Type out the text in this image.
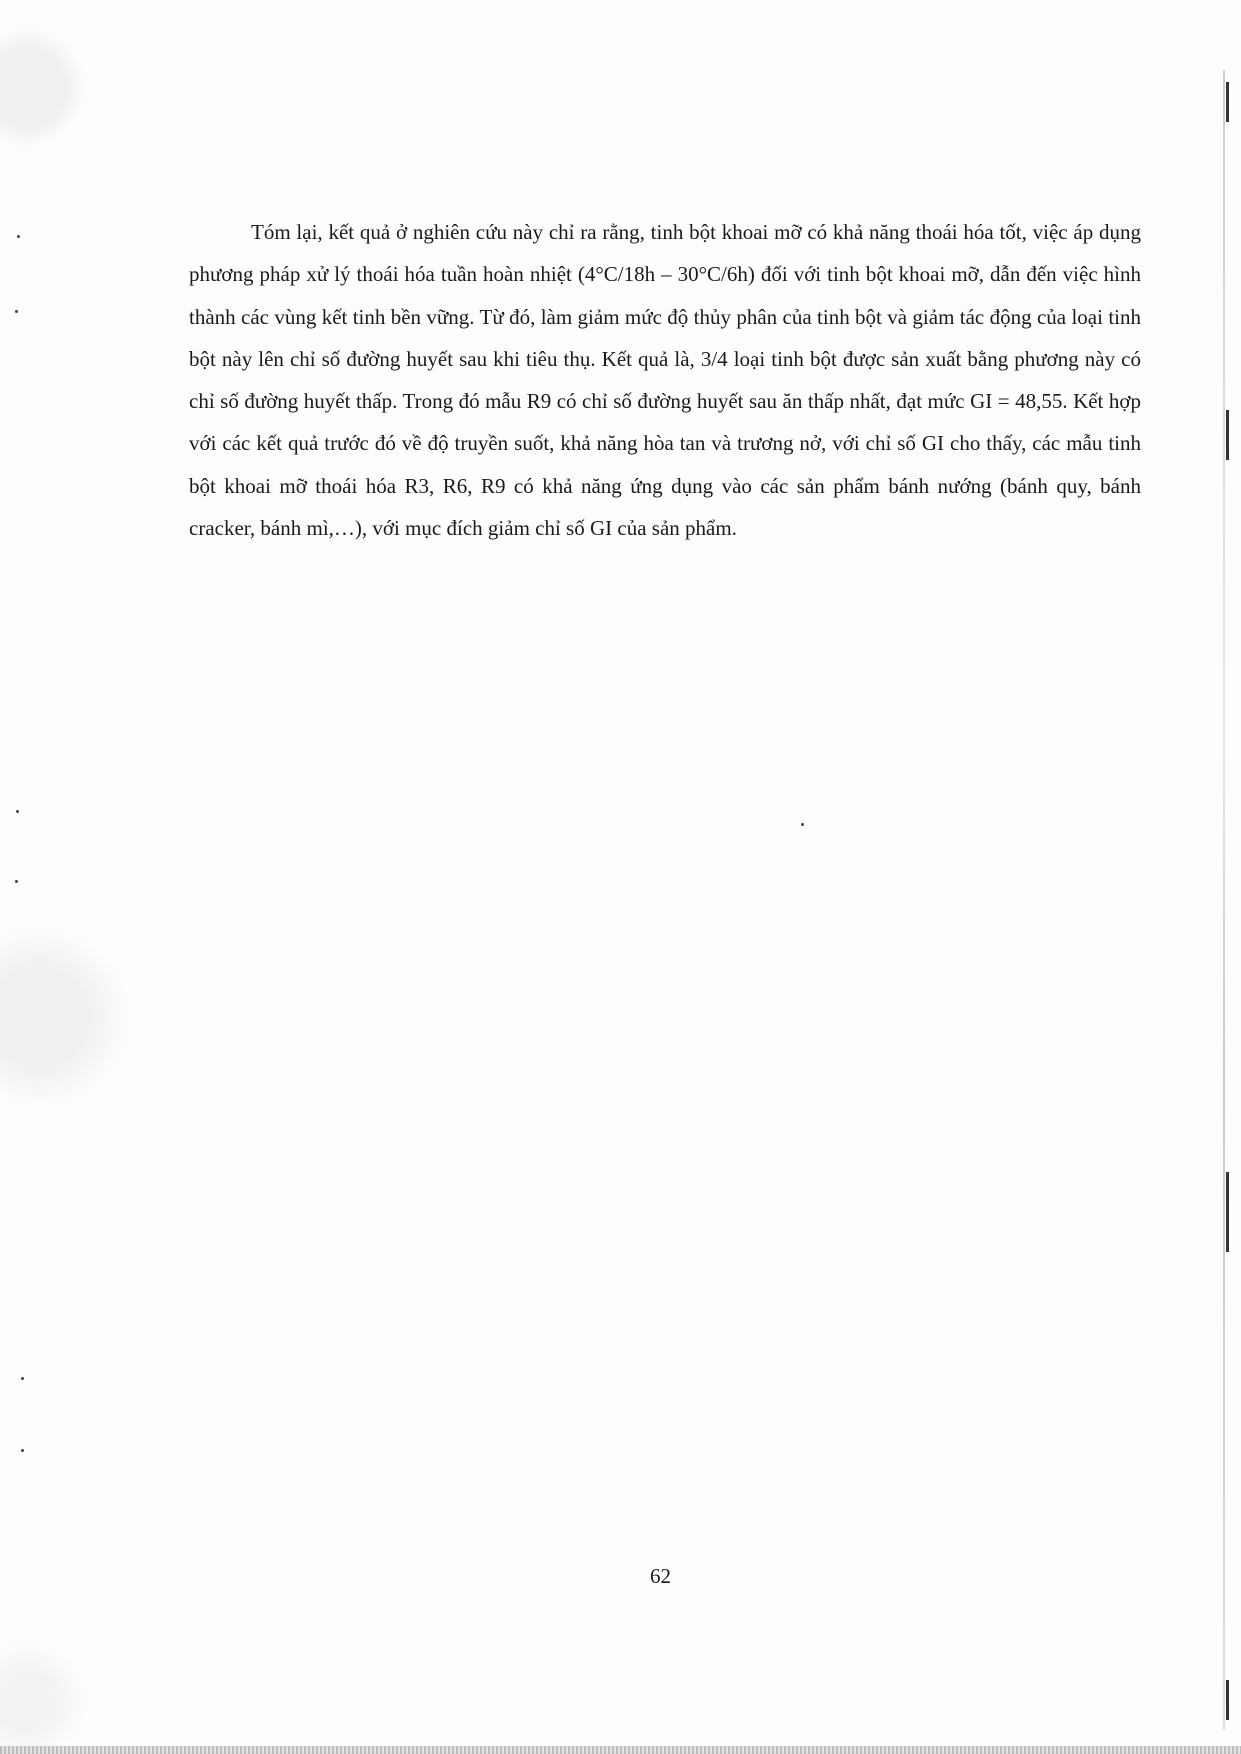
Tóm lại, kết quả ở nghiên cứu này chỉ ra rằng, tinh bột khoai mỡ có khả năng thoái hóa tốt, việc áp dụng phương pháp xử lý thoái hóa tuần hoàn nhiệt (4°C/18h – 30°C/6h) đối với tinh bột khoai mỡ, dẫn đến việc hình thành các vùng kết tinh bền vững. Từ đó, làm giảm mức độ thủy phân của tinh bột và giảm tác động của loại tinh bột này lên chỉ số đường huyết sau khi tiêu thụ. Kết quả là, 3/4 loại tinh bột được sản xuất bằng phương này có chỉ số đường huyết thấp. Trong đó mẫu R9 có chỉ số đường huyết sau ăn thấp nhất, đạt mức GI = 48,55. Kết hợp với các kết quả trước đó về độ truyền suốt, khả năng hòa tan và trương nở, với chỉ số GI cho thấy, các mẫu tinh bột khoai mỡ thoái hóa R3, R6, R9 có khả năng ứng dụng vào các sản phẩm bánh nướng (bánh quy, bánh cracker, bánh mì,…), với mục đích giảm chỉ số GI của sản phẩm.

62
